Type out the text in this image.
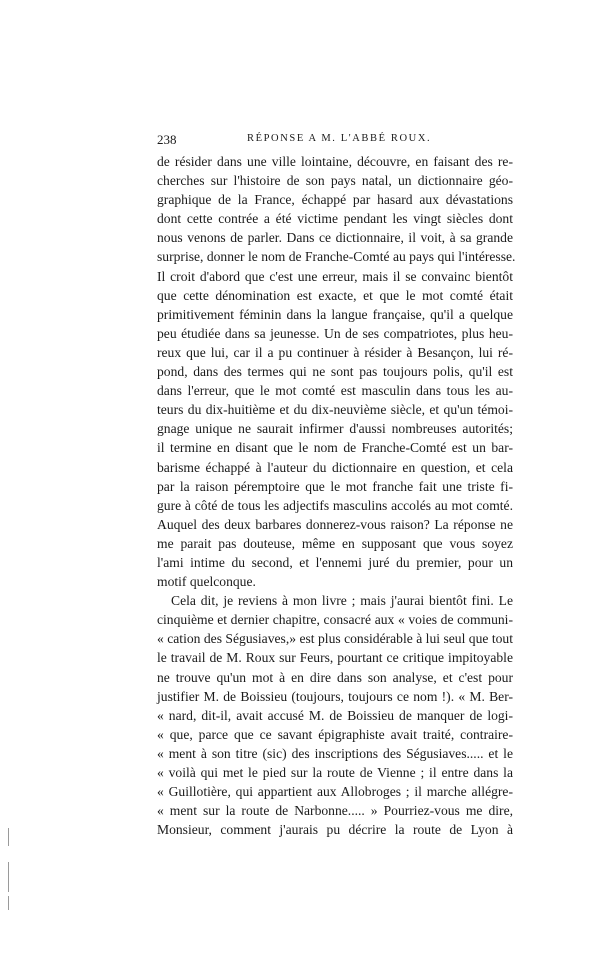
238	RÉPONSE A M. L'ABBÉ ROUX.
de résider dans une ville lointaine, découvre, en faisant des re-
cherches sur l'histoire de son pays natal, un dictionnaire géo-
graphique de la France, échappé par hasard aux dévastations
dont cette contrée a été victime pendant les vingt siècles dont
nous venons de parler. Dans ce dictionnaire, il voit, à sa grande
surprise, donner le nom de Franche-Comté au pays qui l'intéresse.
Il croit d'abord que c'est une erreur, mais il se convainc bientôt
que cette dénomination est exacte, et que le mot comté était
primitivement féminin dans la langue française, qu'il a quelque
peu étudiée dans sa jeunesse. Un de ses compatriotes, plus heu-
reux que lui, car il a pu continuer à résider à Besançon, lui ré-
pond, dans des termes qui ne sont pas toujours polis, qu'il est
dans l'erreur, que le mot comté est masculin dans tous les au-
teurs du dix-huitième et du dix-neuvième siècle, et qu'un témoi-
gnage unique ne saurait infirmer d'aussi nombreuses autorités;
il termine en disant que le nom de Franche-Comté est un bar-
barisme échappé à l'auteur du dictionnaire en question, et cela
par la raison péremptoire que le mot franche fait une triste fi-
gure à côté de tous les adjectifs masculins accolés au mot comté.
Auquel des deux barbares donnerez-vous raison? La réponse ne
me parait pas douteuse, même en supposant que vous soyez
l'ami intime du second, et l'ennemi juré du premier, pour un
motif quelconque.
Cela dit, je reviens à mon livre ; mais j'aurai bientôt fini. Le
cinquième et dernier chapitre, consacré aux « voies de communi-
« cation des Ségusiaves,» est plus considérable à lui seul que tout
le travail de M. Roux sur Feurs, pourtant ce critique impitoyable
ne trouve qu'un mot à en dire dans son analyse, et c'est pour
justifier M. de Boissieu (toujours, toujours ce nom !). « M. Ber-
« nard, dit-il, avait accusé M. de Boissieu de manquer de logi-
« que, parce que ce savant épigraphiste avait traité, contraire-
« ment à son titre (sic) des inscriptions des Ségusiaves..... et le
« voilà qui met le pied sur la route de Vienne ; il entre dans la
« Guillotière, qui appartient aux Allobroges ; il marche allégre-
« ment sur la route de Narbonne..... » Pourriez-vous me dire,
Monsieur, comment j'aurais pu décrire la route de Lyon à
